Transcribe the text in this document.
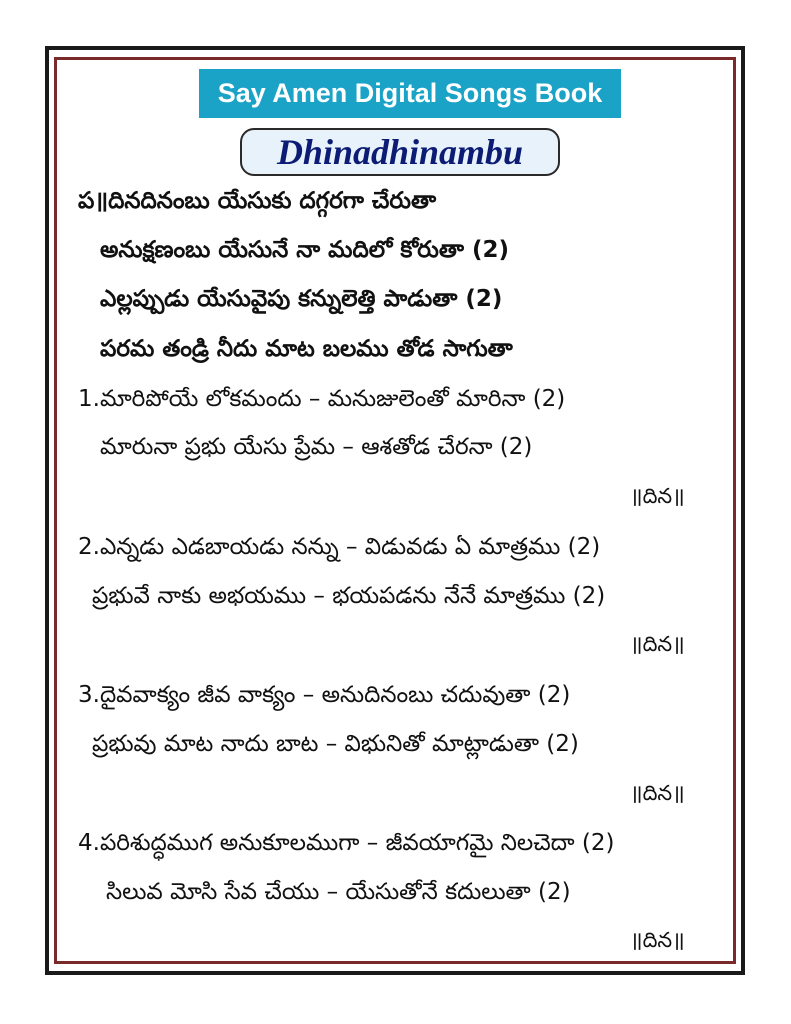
Say Amen Digital Songs Book
Dhinadhinambu
ప॥దినదినంబు యేసుకు దగ్గరగా చేరుతా
అనుక్షణంబు యేసునే నా మదిలో కోరుతా (2)
ఎల్లప్పుడు యేసువైపు కన్నులెత్తి పాడుతా (2)
పరమ తండ్రి నీదు మాట బలము తోడ సాగుతా
1.మారిపోయే లోకమందు – మనుజులెంతో మారినా (2)
మారునా ప్రభు యేసు ప్రేమ – ఆశతోడ చేరనా (2)
॥దిన॥
2.ఎన్నడు ఎడబాయడు నన్ను – విడువడు ఏ మాత్రము (2)
ప్రభువే నాకు అభయము – భయపడను నేనే మాత్రము (2)
॥దిన॥
3.దైవవాక్యం జీవ వాక్యం – అనుదినంబు చదువుతా (2)
ప్రభువు మాట నాదు బాట – విభునితో మాట్లాడుతా (2)
॥దిన॥
4.పరిశుద్ధముగ అనుకూలముగా – జీవయాగమై నిలచెదా (2)
సిలువ మోసి సేవ చేయు – యేసుతోనే కదులుతా (2)
॥దిన॥
